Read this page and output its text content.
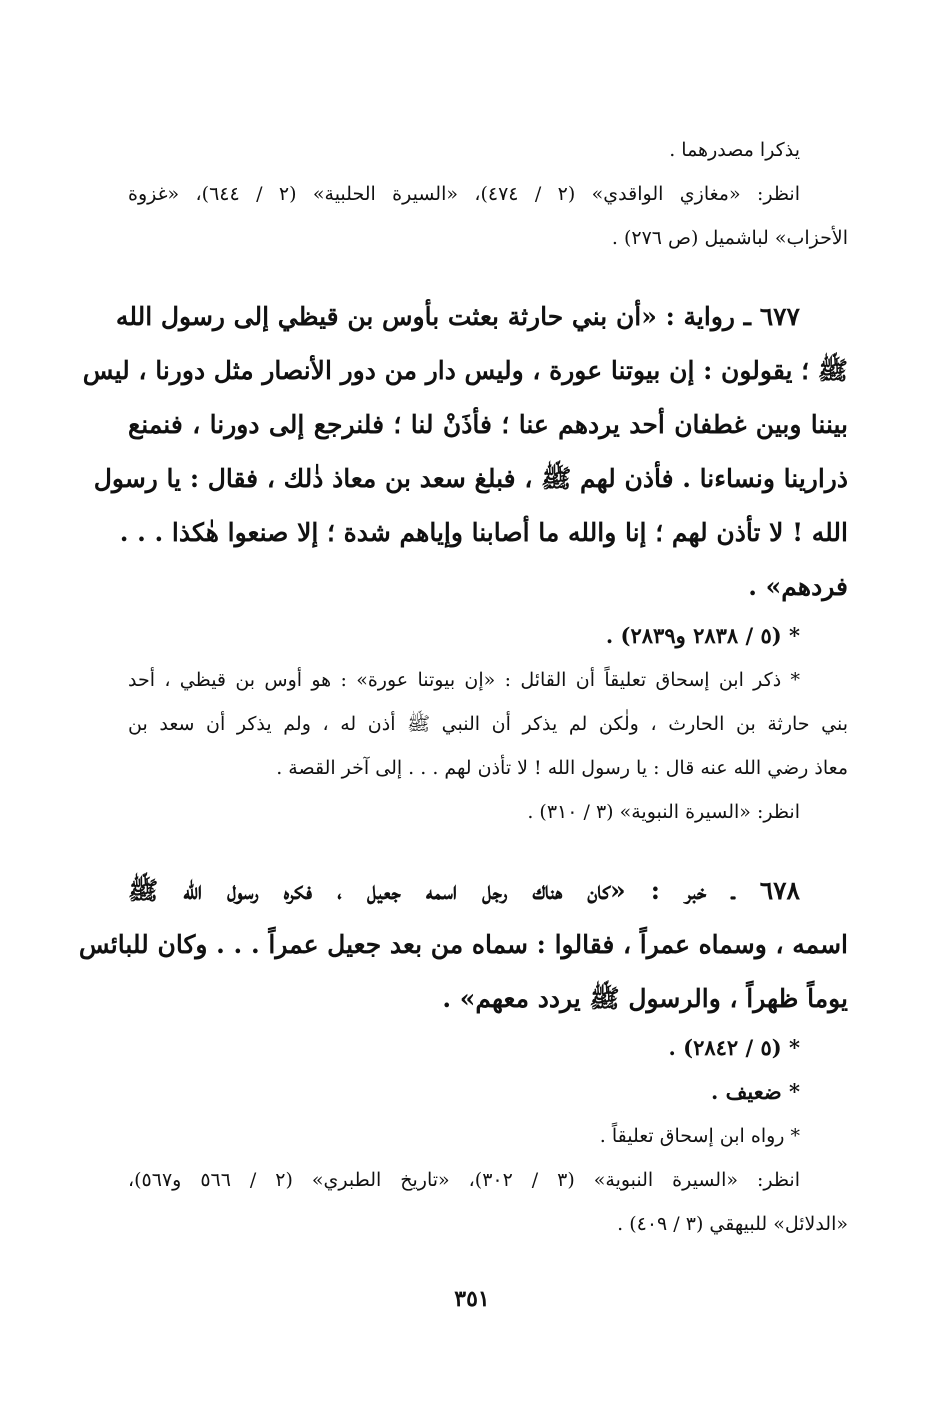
يذكرا مصدرهما .
انظر: «مغازي الواقدي» (٢ / ٤٧٤)، «السيرة الحلبية» (٢ / ٦٤٤)، «غزوة
الأحزاب» لباشميل (ص ٢٧٦) .
٦٧٧ ـ رواية : «أن بني حارثة بعثت بأوس بن قيظي إلى رسول الله
ﷺ ؛ يقولون : إن بيوتنا عورة ، وليس دار من دور الأنصار مثل دورنا ، ليس
بيننا وبين غطفان أحد يردهم عنا ؛ فأذَنْ لنا ؛ فلنرجع إلى دورنا ، فنمنع
ذرارينا ونساءنا . فأذن لهم ﷺ ، فبلغ سعد بن معاذ ذٰلك ، فقال : يا رسول
الله ! لا تأذن لهم ؛ إنا والله ما أصابنا وإياهم شدة ؛ إلا صنعوا هٰكذا . . .
فردهم» .
* (٥ / ٢٨٣٨ و٢٨٣٩) .
* ذكر ابن إسحاق تعليقاً أن القائل : «إن بيوتنا عورة» : هو أوس بن قيظي ، أحد
بني حارثة بن الحارث ، ولٰكن لم يذكر أن النبي ﷺ أذن له ، ولم يذكر أن سعد بن
معاذ رضي الله عنه قال : يا رسول الله ! لا تأذن لهم . . . إلى آخر القصة .
انظر: «السيرة النبوية» (٣ / ٣١٠) .
٦٧٨ ـ خبر : «كان هناك رجل اسمه جعيل ، فكره رسول الله ﷺ
اسمه ، وسماه عمراً ، فقالوا : سماه من بعد جعيل عمراً . . . وكان للبائس
يوماً ظهراً ، والرسول ﷺ يردد معهم» .
* (٥ / ٢٨٤٢) .
* ضعيف .
* رواه ابن إسحاق تعليقاً .
انظر: «السيرة النبوية» (٣ / ٣٠٢)، «تاريخ الطبري» (٢ / ٥٦٦ و٥٦٧)،
«الدلائل» للبيهقي (٣ / ٤٠٩) .
٣٥١
